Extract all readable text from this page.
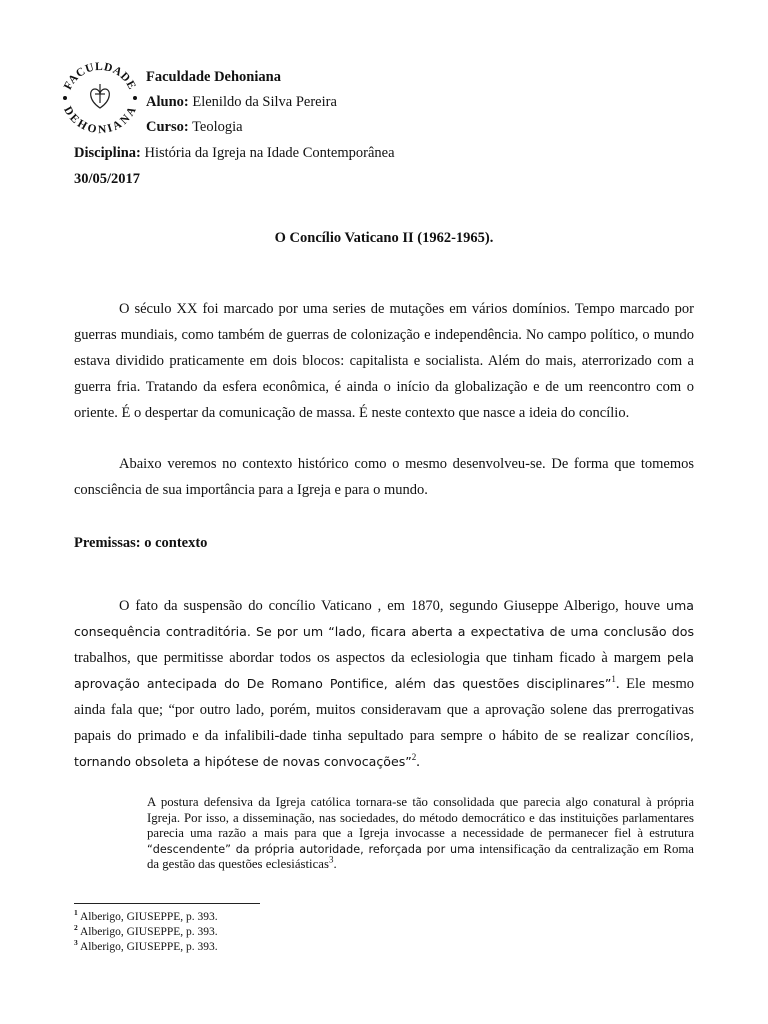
FACULDADE
DEHONIANA
Faculdade Dehoniana
Aluno: Elenildo da Silva Pereira
Curso: Teologia
Disciplina: História da Igreja na Idade Contemporânea
30/05/2017
O Concílio Vaticano II (1962-1965).

O século XX foi marcado por uma series de mutações em vários domínios. Tempo marcado por guerras mundiais, como também de guerras de colonização e independência. No campo político, o mundo estava dividido praticamente em dois blocos: capitalista e socialista. Além do mais, aterrorizado com a guerra fria. Tratando da esfera econômica, é ainda o início da globalização e de um reencontro com o oriente. É o despertar da comunicação de massa. É neste contexto que nasce a ideia do concílio.

Abaixo veremos no contexto histórico como o mesmo desenvolveu-se. De forma que tomemos consciência de sua importância para a Igreja e para o mundo.

Premissas: o contexto

O fato da suspensão do concílio Vaticano , em 1870, segundo Giuseppe Alberigo, houve uma consequência contraditória. Se por um “lado, ficara aberta a expectativa de uma conclusão dos trabalhos, que permitisse abordar todos os aspectos da eclesiologia que tinham ficado à margem pela aprovação antecipada do De Romano Pontifice, além das questões disciplinares”$^1$. Ele mesmo ainda fala que; “por outro lado, porém, muitos consideravam que a aprovação solene das prerrogativas papais do primado e da infalibili-dade tinha sepultado para sempre o hábito de se realizar concílios, tornando obsoleta a hipótese de novas convocações”$^2$.

A postura defensiva da Igreja católica tornara-se tão consolidada que parecia algo conatural à própria Igreja. Por isso, a disseminação, nas sociedades, do método democrático e das instituições parlamentares parecia uma razão a mais para que a Igreja invocasse a necessidade de permanecer fiel à estrutura “descendente” da própria autoridade, reforçada por uma intensificação da centralização em Roma da gestão das questões eclesiásticas$^3$.
$^1$ Alberigo, GIUSEPPE, p. 393.
$^2$ Alberigo, GIUSEPPE, p. 393.
$^3$ Alberigo, GIUSEPPE, p. 393.
